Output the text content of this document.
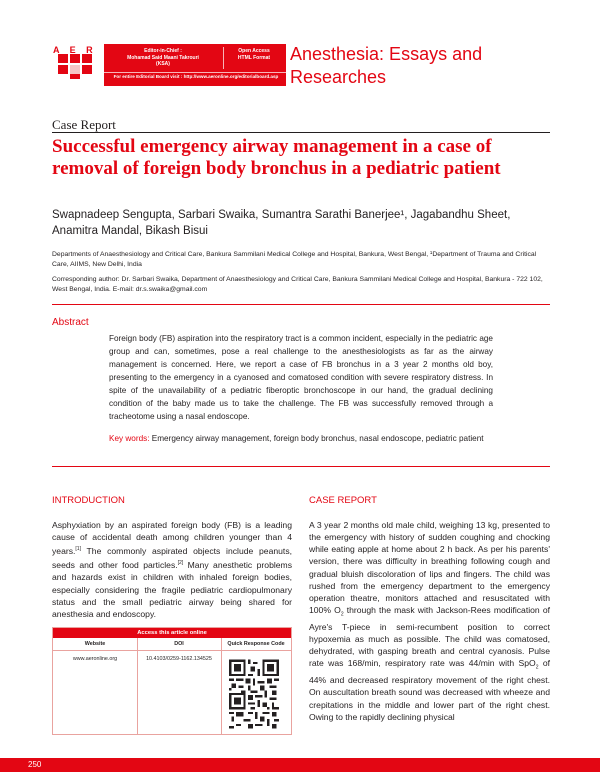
A E R	Editor-in-Chief :
Mohamad Said Maani Takrouri
(KSA)
Open Access
HTML Format
For entire Editorial Board visit : http://www.aeronline.org/editorialboard.asp
Anesthesia: Essays and Researches
Case Report
Successful emergency airway management in a case of removal of foreign body bronchus in a pediatric patient
Swapnadeep Sengupta, Sarbari Swaika, Sumantra Sarathi Banerjee¹, Jagabandhu Sheet, Anamitra Mandal, Bikash Bisui
Departments of Anaesthesiology and Critical Care, Bankura Sammilani Medical College and Hospital, Bankura, West Bengal, ¹Department of Trauma and Critical Care, AIIMS, New Delhi, India
Corresponding author: Dr. Sarbari Swaika, Department of Anaesthesiology and Critical Care, Bankura Sammilani Medical College and Hospital, Bankura - 722 102, West Bengal, India. E-mail: dr.s.swaika@gmail.com
Abstract
Foreign body (FB) aspiration into the respiratory tract is a common incident, especially in the pediatric age group and can, sometimes, pose a real challenge to the anesthesiologists as far as the airway management is concerned. Here, we report a case of FB bronchus in a 3 year 2 months old boy, presenting to the emergency in a cyanosed and comatosed condition with severe respiratory distress. In spite of the unavailability of a pediatric fiberoptic bronchoscope in our hand, the gradual declining condition of the baby made us to take the challenge. The FB was successfully removed through a tracheotome using a nasal endoscope.
Key words: Emergency airway management, foreign body bronchus, nasal endoscope, pediatric patient
INTRODUCTION
Asphyxiation by an aspirated foreign body (FB) is a leading cause of accidental death among children younger than 4 years.[1] The commonly aspirated objects include peanuts, seeds and other food particles.[2] Many anesthetic problems and hazards exist in children with inhaled foreign bodies, especially considering the fragile pediatric cardiopulmonary status and the small pediatric airway being shared for anesthesia and endoscopy.
Access this article online
Website	DOI	Quick Response Code
www.aeronline.org	10.4103/0259-1162.134525
CASE REPORT
A 3 year 2 months old male child, weighing 13 kg, presented to the emergency with history of sudden coughing and chocking while eating apple at home about 2 h back. As per his parents' version, there was difficulty in breathing following cough and gradual bluish discoloration of lips and fingers. The child was rushed from the emergency department to the emergency operation theatre, monitors attached and resuscitated with 100% $O_2$ through the mask with Jackson-Rees modification of Ayre's T-piece in semi-recumbent position to correct hypoxemia as much as possible. The child was comatosed, dehydrated, with gasping breath and central cyanosis. Pulse rate was 168/min, respiratory rate was 44/min with SpO$_2$ of 44% and decreased respiratory movement of the right chest. On auscultation breath sound was decreased with wheeze and crepitations in the middle and lower part of the right chest. Owing to the rapidly declining physical
250
